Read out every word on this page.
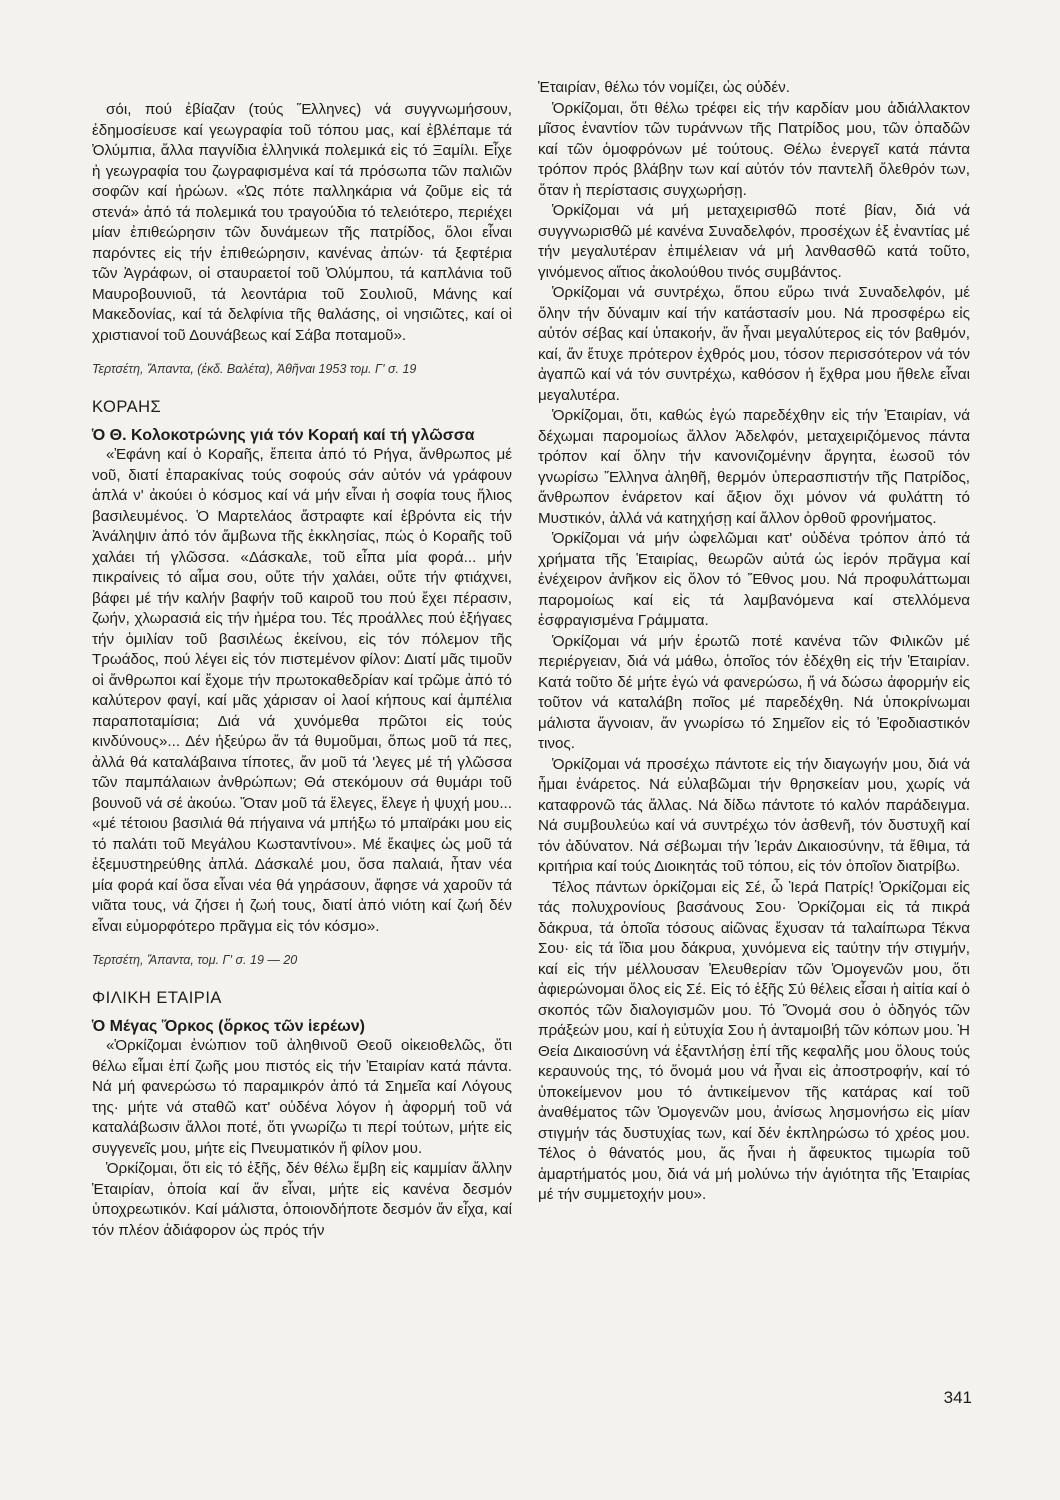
σόι, πού ἐβίαζαν (τούς Ἕλληνες) νά συγγνωμήσουν, ἐδημοσίευσε καί γεωγραφία τοῦ τόπου μας, καί ἐβλέπαμε τά Ὀλύμπια, ἄλλα παγνίδια ἑλληνικά πολεμικά εἰς τό Ξαμίλι. Εἶχε ἡ γεωγραφία του ζωγραφισμένα καί τά πρόσωπα τῶν παλιῶν σοφῶν καί ἡρώων. «Ὡς πότε παλληκάρια νά ζοῦμε εἰς τά στενά» ἀπό τά πολεμικά του τραγούδια τό τελειότερο, περιέχει μίαν ἐπιθεώρησιν τῶν δυνάμεων τῆς πατρίδος, ὅλοι εἶναι παρόντες εἰς τήν ἐπιθεώρησιν, κανένας ἀπών· τά ξεφτέρια τῶν Ἀγράφων, οἱ σταυραετοί τοῦ Ὀλύμπου, τά καπλάνια τοῦ Μαυροβουνιοῦ, τά λεοντάρια τοῦ Σουλιοῦ, Μάνης καί Μακεδονίας, καί τά δελφίνια τῆς θαλάσης, οἱ νησιῶτες, καί οἱ χριστιανοί τοῦ Δουνάβεως καί Σάβα ποταμοῦ».

Τερτσέτη, Ἄπαντα, (ἐκδ. Βαλέτα), Ἀθῆναι 1953 τομ. Γ' σ. 19

ΚΟΡΑΗΣ
Ὁ Θ. Κολοκοτρώνης γιά τόν Κοραή καί τή γλῶσσα

«Ἐφάνη καί ὁ Κοραῆς, ἔπειτα ἀπό τό Ρήγα, ἄνθρωπος μέ νοῦ, διατί ἐπαρακίνας τούς σοφούς σάν αὐτόν νά γράφουν ἁπλά ν' ἀκούει ὁ κόσμος καί νά μήν εἶναι ἡ σοφία τους ἥλιος βασιλευμένος. Ὁ Μαρτελάος ἄστραφτε καί ἐβρόντα εἰς τήν Ἀνάληψιν ἀπό τόν ἄμβωνα τῆς ἐκκλησίας, πώς ὁ Κοραῆς τοῦ χαλάει τή γλῶσσα. «Δάσκαλε, τοῦ εἶπα μία φορά... μήν πικραίνεις τό αἷμα σου, οὔτε τήν χαλάει, οὔτε τήν φτιάχνει, βάφει μέ τήν καλήν βαφήν τοῦ καιροῦ του πού ἔχει πέρασιν, ζωήν, χλωρασιά εἰς τήν ἡμέρα του. Τές προάλλες πού ἐξήγαες τήν ὁμιλίαν τοῦ βασιλέως ἐκείνου, εἰς τόν πόλεμον τῆς Τρωάδος, πού λέγει εἰς τόν πιστεμένον φίλον: Διατί μᾶς τιμοῦν οἱ ἄνθρωποι καί ἔχομε τήν πρωτοκαθεδρίαν καί τρῶμε ἀπό τό καλύτερον φαγί, καί μᾶς χάρισαν οἱ λαοί κήπους καί ἀμπέλια παραποταμίσια; Διά νά χυνόμεθα πρῶτοι εἰς τούς κινδύνους»... Δέν ἠξεύρω ἄν τά θυμοῦμαι, ὅπως μοῦ τά πες, ἀλλά θά καταλάβαινα τίποτες, ἄν μοῦ τά 'λεγες μέ τή γλῶσσα τῶν παμπάλαιων ἀνθρώπων; Θά στεκόμουν σά θυμάρι τοῦ βουνοῦ νά σέ ἀκούω. Ὅταν μοῦ τά ἔλεγες, ἔλεγε ἡ ψυχή μου... «μέ τέτοιου βασιλιά θά πήγαινα νά μπήξω τό μπαϊράκι μου εἰς τό παλάτι τοῦ Μεγάλου Κωσταντίνου». Μέ ἔκαψες ὡς μοῦ τά ἐξεμυστηρεύθης ἁπλά. Δάσκαλέ μου, ὅσα παλαιά, ἦταν νέα μία φορά καί ὅσα εἶναι νέα θά γηράσουν, ἄφησε νά χαροῦν τά νιᾶτα τους, νά ζήσει ἡ ζωή τους, διατί ἀπό νιότη καί ζωή δέν εἶναι εὐμορφότερο πρᾶγμα εἰς τόν κόσμο».

Τερτσέτη, Ἄπαντα, τομ. Γ' σ. 19 — 20

ΦΙΛΙΚΗ ΕΤΑΙΡΙΑ
Ὁ Μέγας Ὅρκος (ὅρκος τῶν ἱερέων)

«Ὁρκίζομαι ἐνώπιον τοῦ ἀληθινοῦ Θεοῦ οἰκειοθελῶς, ὅτι θέλω εἶμαι ἐπί ζωῆς μου πιστός εἰς τήν Ἑταιρίαν κατά πάντα. Νά μή φανερώσω τό παραμικρόν ἀπό τά Σημεῖα καί Λόγους της· μήτε νά σταθῶ κατ' οὐδένα λόγον ἡ ἀφορμή τοῦ νά καταλάβωσιν ἄλλοι ποτέ, ὅτι γνωρίζω τι περί τούτων, μήτε εἰς συγγενεῖς μου, μήτε εἰς Πνευματικόν ἤ φίλον μου.

Ὁρκίζομαι, ὅτι εἰς τό ἑξῆς, δέν θέλω ἔμβη εἰς καμμίαν ἄλλην Ἑταιρίαν, ὁποία καί ἄν εἶναι, μήτε εἰς κανένα δεσμόν ὑποχρεωτικόν. Καί μάλιστα, ὁποιονδήποτε δεσμόν ἄν εἶχα, καί τόν πλέον ἀδιάφορον ὡς πρός τήν

Ἑταιρίαν, θέλω τόν νομίζει, ὡς οὐδέν.

Ὁρκίζομαι, ὅτι θέλω τρέφει εἰς τήν καρδίαν μου ἀδιάλλακτον μῖσος ἐναντίον τῶν τυράννων τῆς Πατρίδος μου, τῶν ὀπαδῶν καί τῶν ὁμοφρόνων μέ τούτους. Θέλω ἐνεργεῖ κατά πάντα τρόπον πρός βλάβην των καί αὐτόν τόν παντελῆ ὄλεθρόν των, ὅταν ἡ περίστασις συγχωρήσῃ.

Ὁρκίζομαι νά μή μεταχειρισθῶ ποτέ βίαν, διά νά συγγνωρισθῶ μέ κανένα Συναδελφόν, προσέχων ἐξ ἐναντίας μέ τήν μεγαλυτέραν ἐπιμέλειαν νά μή λανθασθῶ κατά τοῦτο, γινόμενος αἴτιος ἀκολούθου τινός συμβάντος.

Ὁρκίζομαι νά συντρέχω, ὅπου εὕρω τινά Συναδελφόν, μέ ὅλην τήν δύναμιν καί τήν κατάστασίν μου. Νά προσφέρω εἰς αὐτόν σέβας καί ὑπακοήν, ἄν ἦναι μεγαλύτερος εἰς τόν βαθμόν, καί, ἄν ἔτυχε πρότερον ἐχθρός μου, τόσον περισσότερον νά τόν ἀγαπῶ καί νά τόν συντρέχω, καθόσον ἡ ἔχθρα μου ἤθελε εἶναι μεγαλυτέρα.

Ὁρκίζομαι, ὅτι, καθώς ἐγώ παρεδέχθην εἰς τήν Ἑταιρίαν, νά δέχωμαι παρομοίως ἄλλον Ἀδελφόν, μεταχειριζόμενος πάντα τρόπον καί ὅλην τήν κανονιζομένην ἄργητα, ἑωσοῦ τόν γνωρίσω Ἕλληνα ἀληθῆ, θερμόν ὑπερασπιστήν τῆς Πατρίδος, ἄνθρωπον ἐνάρετον καί ἄξιον ὄχι μόνον νά φυλάττη τό Μυστικόν, ἀλλά νά κατηχήσῃ καί ἄλλον ὀρθοῦ φρονήματος.

Ὁρκίζομαι νά μήν ὠφελῶμαι κατ' οὐδένα τρόπον ἀπό τά χρήματα τῆς Ἑταιρίας, θεωρῶν αὐτά ὡς ἱερόν πρᾶγμα καί ἐνέχειρον ἀνῆκον εἰς ὅλον τό Ἔθνος μου. Νά προφυλάττωμαι παρομοίως καί εἰς τά λαμβανόμενα καί στελλόμενα ἐσφραγισμένα Γράμματα.

Ὁρκίζομαι νά μήν ἐρωτῶ ποτέ κανένα τῶν Φιλικῶν μέ περιέργειαν, διά νά μάθω, ὁποῖος τόν ἐδέχθη εἰς τήν Ἑταιρίαν. Κατά τοῦτο δέ μήτε ἐγώ νά φανερώσω, ἤ νά δώσω ἀφορμήν εἰς τοῦτον νά καταλάβη ποῖος μέ παρεδέχθη. Νά ὑποκρίνωμαι μάλιστα ἄγνοιαν, ἄν γνωρίσω τό Σημεῖον εἰς τό Ἐφοδιαστικόν τινος.

Ὁρκίζομαι νά προσέχω πάντοτε εἰς τήν διαγωγήν μου, διά νά ἦμαι ἐνάρετος. Νά εὐλαβῶμαι τήν θρησκείαν μου, χωρίς νά καταφρονῶ τάς ἄλλας. Νά δίδω πάντοτε τό καλόν παράδειγμα. Νά συμβουλεύω καί νά συντρέχω τόν ἀσθενῆ, τόν δυστυχῆ καί τόν ἀδύνατον. Νά σέβωμαι τήν Ἱεράν Δικαιοσύνην, τά ἔθιμα, τά κριτήρια καί τούς Διοικητάς τοῦ τόπου, εἰς τόν ὁποῖον διατρίβω.

Τέλος πάντων ὁρκίζομαι εἰς Σέ, ὦ Ἱερά Πατρίς! Ὁρκίζομαι εἰς τάς πολυχρονίους βασάνους Σου· Ὁρκίζομαι εἰς τά πικρά δάκρυα, τά ὁποῖα τόσους αἰῶνας ἔχυσαν τά ταλαίπωρα Τέκνα Σου· εἰς τά ἴδια μου δάκρυα, χυνόμενα εἰς ταύτην τήν στιγμήν, καί εἰς τήν μέλλουσαν Ἐλευθερίαν τῶν Ὁμογενῶν μου, ὅτι ἀφιερώνομαι ὅλος εἰς Σέ. Εἰς τό ἑξῆς Σύ θέλεις εἶσαι ἡ αἰτία καί ὁ σκοπός τῶν διαλογισμῶν μου. Τό Ὄνομά σου ὁ ὁδηγός τῶν πράξεών μου, καί ἡ εὐτυχία Σου ἡ ἀνταμοιβή τῶν κόπων μου. Ἡ Θεία Δικαιοσύνη νά ἐξαντλήσῃ ἐπί τῆς κεφαλῆς μου ὅλους τούς κεραυνούς της, τό ὄνομά μου νά ἦναι εἰς ἀποστροφήν, καί τό ὑποκείμενον μου τό ἀντικείμενον τῆς κατάρας καί τοῦ ἀναθέματος τῶν Ὁμογενῶν μου, ἀνίσως λησμονήσω εἰς μίαν στιγμήν τάς δυστυχίας των, καί δέν ἐκπληρώσω τό χρέος μου. Τέλος ὁ θάνατός μου, ἄς ἦναι ἡ ἄφευκτος τιμωρία τοῦ ἁμαρτήματός μου, διά νά μή μολύνω τήν ἁγιότητα τῆς Ἑταιρίας μέ τήν συμμετοχήν μου».

341
